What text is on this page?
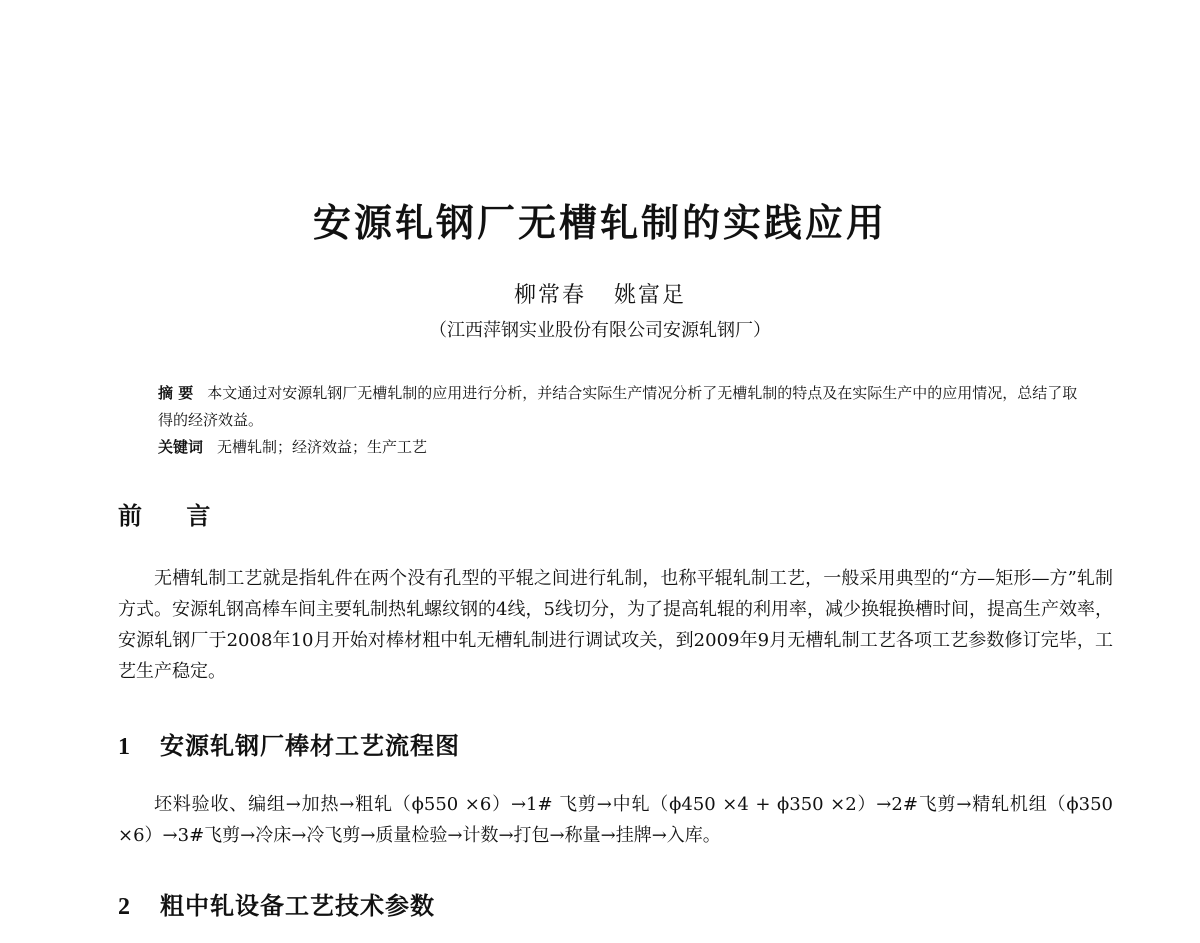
安源轧钢厂无槽轧制的实践应用

柳常春 姚富足

（江西萍钢实业股份有限公司安源轧钢厂）

摘 要 本文通过对安源轧钢厂无槽轧制的应用进行分析，并结合实际生产情况分析了无槽轧制的特点及在实际生产中的应用情况，总结了取得的经济效益。

关键词 无槽轧制；经济效益；生产工艺

前 言

无槽轧制工艺就是指轧件在两个没有孔型的平辊之间进行轧制，也称平辊轧制工艺，一般采用典型的“方—矩形—方”轧制方式。安源轧钢高棒车间主要轧制热轧螺纹钢的4线，5线切分，为了提高轧辊的利用率，减少换辊换槽时间，提高生产效率，安源轧钢厂于2008年10月开始对棒材粗中轧无槽轧制进行调试攻关，到2009年9月无槽轧制工艺各项工艺参数修订完毕，工艺生产稳定。

1 安源轧钢厂棒材工艺流程图

坯料验收、编组→加热→粗轧（ϕ550 ×6）→1# 飞剪→中轧（ϕ450 ×4 + ϕ350 ×2）→2#飞剪→精轧机组（ϕ350 ×6）→3#飞剪→冷床→冷飞剪→质量检验→计数→打包→称量→挂牌→入库。

2 粗中轧设备工艺技术参数
